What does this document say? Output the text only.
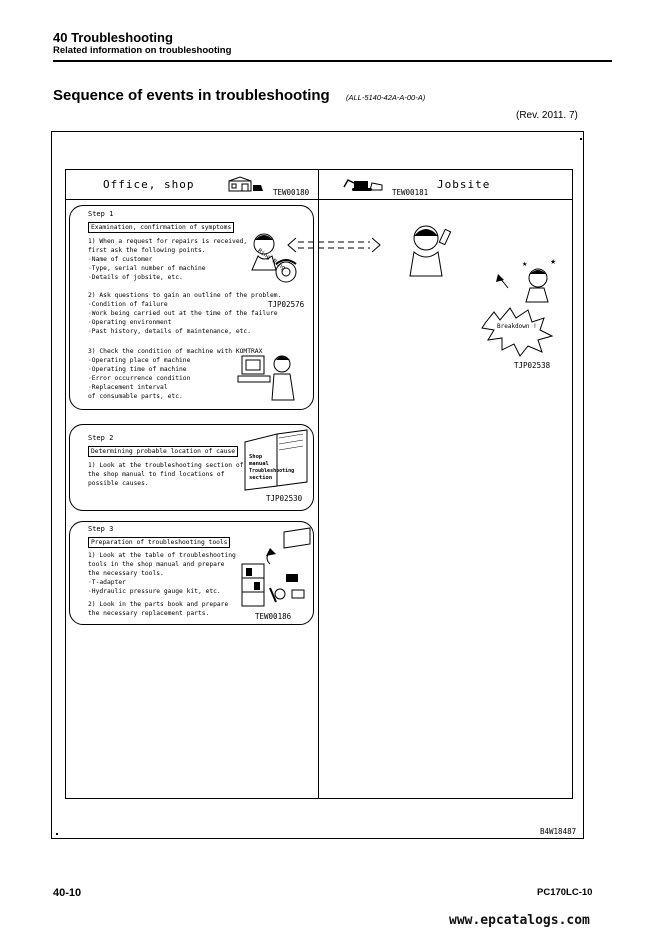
40 Troubleshooting
Related information on troubleshooting
Sequence of events in troubleshooting (ALL-5140-42A-A-00-A)
(Rev. 2011. 7)
Office, shop
TEW00180	TEW00181
Jobsite
Step 1
Examination, confirmation of symptoms
1) When a request for repairs is received,
first ask the following points.
·Name of customer
·Type, serial number of machine
·Details of jobsite, etc.
2) Ask questions to gain an outline of the problem.
·Condition of failure
·Work being carried out at the time of the failure
·Operating environment
·Past history, details of maintenance, etc.
3) Check the condition of machine with KOMTRAX
·Operating place of machine
·Operating time of machine
·Error occurrence condition
·Replacement interval
of consumable parts, etc.
Ring Ring
TJP02576
Step 2
Determining probable location of cause
1) Look at the troubleshooting section of
the shop manual to find locations of
possible causes.
Shop
manual
Troubleshooting
section
TJP02530
Step 3
Preparation of troubleshooting tools
1) Look at the table of troubleshooting
tools in the shop manual and prepare
the necessary tools.
·T-adapter
·Hydraulic pressure gauge kit, etc.
2) Look in the parts book and prepare
the necessary replacement parts.	TEW00186
★
★
Breakdown !
TJP02538
B4W18487
40-10	PC170LC-10
www.epcatalogs.com
